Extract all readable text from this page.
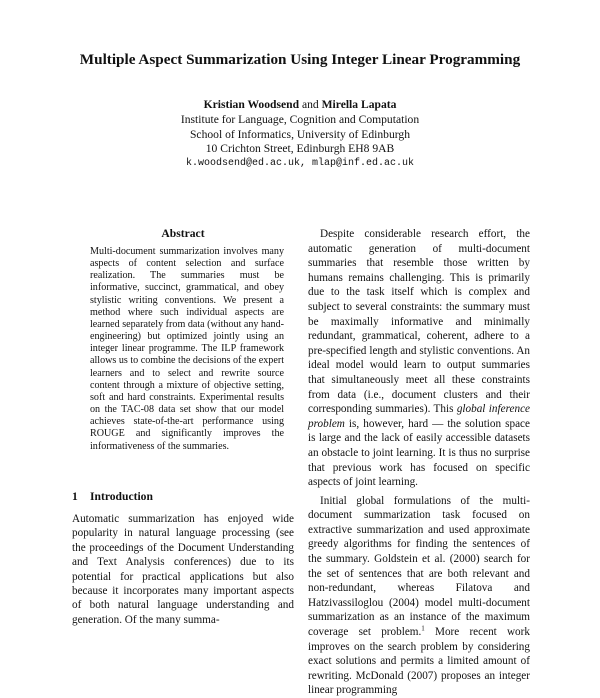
Multiple Aspect Summarization Using Integer Linear Programming
Kristian Woodsend and Mirella Lapata
Institute for Language, Cognition and Computation
School of Informatics, University of Edinburgh
10 Crichton Street, Edinburgh EH8 9AB
k.woodsend@ed.ac.uk, mlap@inf.ed.ac.uk
Abstract
Multi-document summarization involves many aspects of content selection and surface realization. The summaries must be informative, succinct, grammatical, and obey stylistic writing conventions. We present a method where such individual aspects are learned separately from data (without any hand-engineering) but optimized jointly using an integer linear programme. The ILP framework allows us to combine the decisions of the expert learners and to select and rewrite source content through a mixture of objective setting, soft and hard constraints. Experimental results on the TAC-08 data set show that our model achieves state-of-the-art performance using ROUGE and significantly improves the informativeness of the summaries.
1 Introduction

Automatic summarization has enjoyed wide popularity in natural language processing (see the proceedings of the Document Understanding and Text Analysis conferences) due to its potential for practical applications but also because it incorporates many important aspects of both natural language understanding and generation. Of the many summa-

Despite considerable research effort, the automatic generation of multi-document summaries that resemble those written by humans remains challenging. This is primarily due to the task itself which is complex and subject to several constraints: the summary must be maximally informative and minimally redundant, grammatical, coherent, adhere to a pre-specified length and stylistic conventions. An ideal model would learn to output summaries that simultaneously meet all these constraints from data (i.e., document clusters and their corresponding summaries). This global inference problem is, however, hard — the solution space is large and the lack of easily accessible datasets an obstacle to joint learning. It is thus no surprise that previous work has focused on specific aspects of joint learning.

Initial global formulations of the multi-document summarization task focused on extractive summarization and used approximate greedy algorithms for finding the sentences of the summary. Goldstein et al. (2000) search for the set of sentences that are both relevant and non-redundant, whereas Filatova and Hatzivassiloglou (2004) model multi-document summarization as an instance of the maximum coverage set problem.$^1$ More recent work improves on the search problem by considering exact solutions and permits a limited amount of rewriting. McDonald (2007) proposes an integer linear programming
